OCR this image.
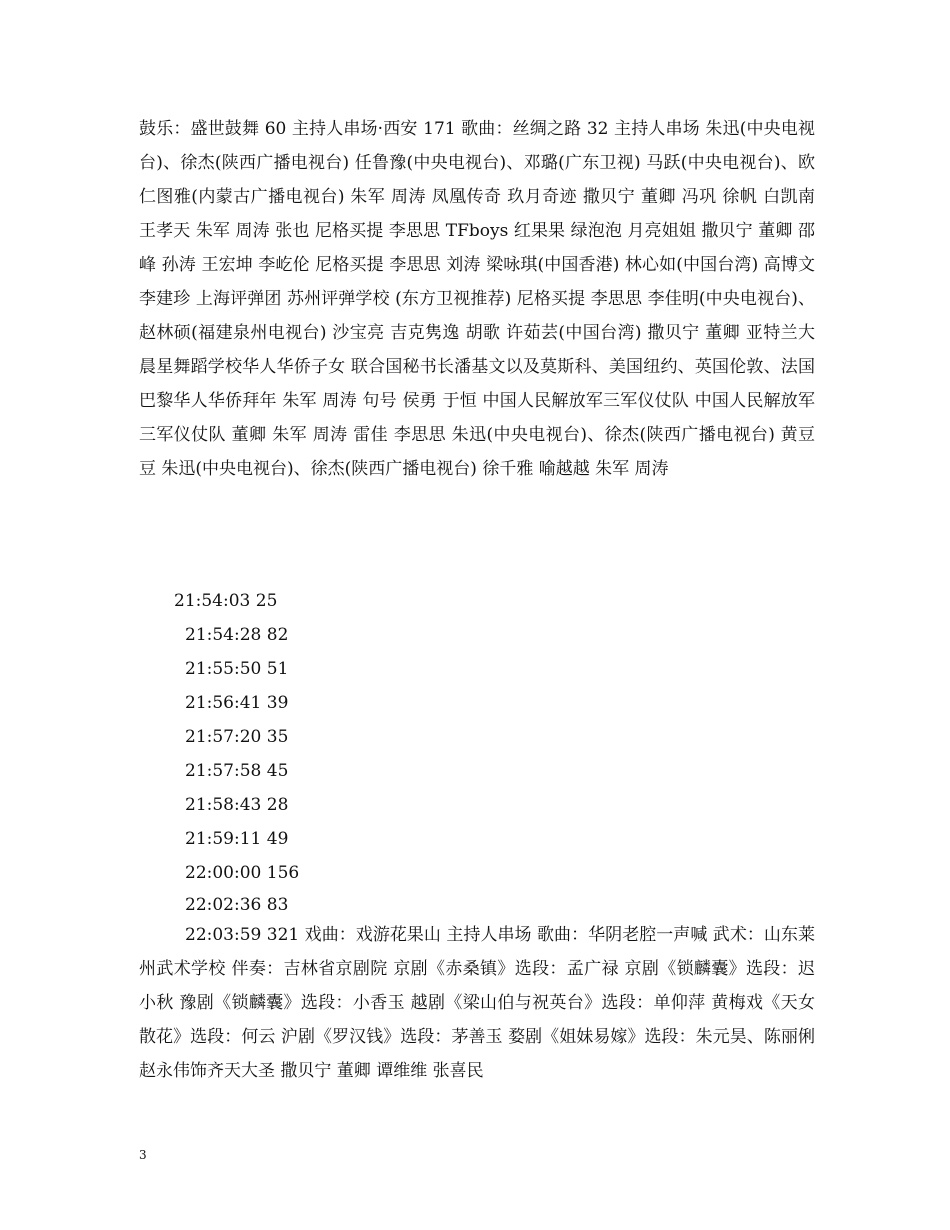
鼓乐：盛世鼓舞 60 主持人串场·西安 171 歌曲：丝绸之路 32 主持人串场 朱迅(中央电视台)、徐杰(陕西广播电视台) 任鲁豫(中央电视台)、邓璐(广东卫视) 马跃(中央电视台)、欧仁图雅(内蒙古广播电视台) 朱军 周涛 凤凰传奇 玖月奇迹 撒贝宁 董卿 冯巩 徐帆 白凯南 王孝天 朱军 周涛 张也 尼格买提 李思思 TFboys 红果果 绿泡泡 月亮姐姐 撒贝宁 董卿 邵峰 孙涛 王宏坤 李屹伦 尼格买提 李思思 刘涛 梁咏琪(中国香港) 林心如(中国台湾) 高博文 李建珍 上海评弹团 苏州评弹学校 (东方卫视推荐) 尼格买提 李思思 李佳明(中央电视台)、赵林硕(福建泉州电视台) 沙宝亮 吉克隽逸 胡歌 许茹芸(中国台湾) 撒贝宁 董卿 亚特兰大晨星舞蹈学校华人华侨子女 联合国秘书长潘基文以及莫斯科、美国纽约、英国伦敦、法国巴黎华人华侨拜年 朱军 周涛 句号 侯勇 于恒 中国人民解放军三军仪仗队 中国人民解放军三军仪仗队 董卿 朱军 周涛 雷佳 李思思 朱迅(中央电视台)、徐杰(陕西广播电视台) 黄豆豆 朱迅(中央电视台)、徐杰(陕西广播电视台) 徐千雅 喻越越 朱军 周涛

21:54:03 25

21:54:28 82

21:55:50 51

21:56:41 39

21:57:20 35

21:57:58 45

21:58:43 28

21:59:11 49

22:00:00 156

22:02:36 83

22:03:59 321 戏曲：戏游花果山 主持人串场 歌曲：华阴老腔一声喊 武术：山东莱州武术学校 伴奏：吉林省京剧院 京剧《赤桑镇》选段：孟广禄 京剧《锁麟囊》选段：迟小秋 豫剧《锁麟囊》选段：小香玉 越剧《梁山伯与祝英台》选段：单仰萍 黄梅戏《天女散花》选段：何云 沪剧《罗汉钱》选段：茅善玉 婺剧《姐妹易嫁》选段：朱元昊、陈丽俐 赵永伟饰齐天大圣 撒贝宁 董卿 谭维维 张喜民

3
